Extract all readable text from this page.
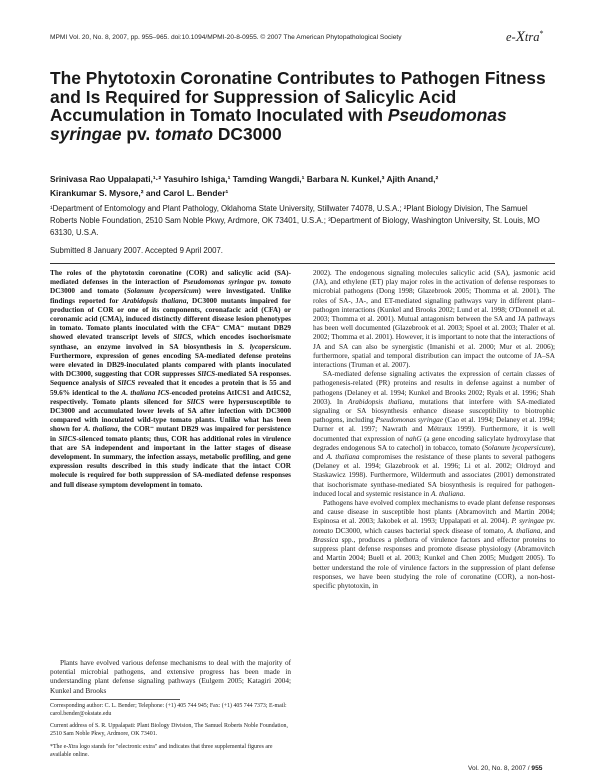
MPMI Vol. 20, No. 8, 2007, pp. 955–965. doi:10.1094/MPMI-20-8-0955. © 2007 The American Phytopathological Society	e-Xtra*
The Phytotoxin Coronatine Contributes to Pathogen Fitness and Is Required for Suppression of Salicylic Acid Accumulation in Tomato Inoculated with Pseudomonas syringae pv. tomato DC3000
Srinivasa Rao Uppalapati,¹·² Yasuhiro Ishiga,¹ Tamding Wangdi,¹ Barbara N. Kunkel,³ Ajith Anand,²
Kirankumar S. Mysore,² and Carol L. Bender¹
¹Department of Entomology and Plant Pathology, Oklahoma State University, Stillwater 74078, U.S.A.; ²Plant Biology Division, The Samuel Roberts Noble Foundation, 2510 Sam Noble Pkwy, Ardmore, OK 73401, U.S.A.; ³Department of Biology, Washington University, St. Louis, MO 63130, U.S.A.
Submitted 8 January 2007. Accepted 9 April 2007.
The roles of the phytotoxin coronatine (COR) and salicylic acid (SA)-mediated defenses in the interaction of Pseudomonas syringae pv. tomato DC3000 and tomato (Solanum lycopersicum) were investigated. Unlike findings reported for Arabidopsis thaliana, DC3000 mutants impaired for production of COR or one of its components, coronafacic acid (CFA) or coronamic acid (CMA), induced distinctly different disease lesion phenotypes in tomato. Tomato plants inoculated with the CFA⁻ CMA⁻ mutant DB29 showed elevated transcript levels of SlICS, which encodes isochorismate synthase, an enzyme involved in SA biosynthesis in S. lycopersicum. Furthermore, expression of genes encoding SA-mediated defense proteins were elevated in DB29-inoculated plants compared with plants inoculated with DC3000, suggesting that COR suppresses SlICS-mediated SA responses. Sequence analysis of SlICS revealed that it encodes a protein that is 55 and 59.6% identical to the A. thaliana ICS-encoded proteins AtICS1 and AtICS2, respectively. Tomato plants silenced for SlICS were hypersusceptible to DC3000 and accumulated lower levels of SA after infection with DC3000 compared with inoculated wild-type tomato plants. Unlike what has been shown for A. thaliana, the COR⁻ mutant DB29 was impaired for persistence in SlICS-silenced tomato plants; thus, COR has additional roles in virulence that are SA independent and important in the latter stages of disease development. In summary, the infection assays, metabolic profiling, and gene expression results described in this study indicate that the intact COR molecule is required for both suppression of SA-mediated defense responses and full disease symptom development in tomato.
Plants have evolved various defense mechanisms to deal with the majority of potential microbial pathogens, and extensive progress has been made in understanding plant defense signaling pathways (Eulgem 2005; Katagiri 2004; Kunkel and Brooks
Corresponding author: C. L. Bender; Telephone: (+1) 405 744 945; Fax: (+1) 405 744 7373; E-mail: carol.bender@okstate.edu
Current address of S. R. Uppalapati: Plant Biology Division, The Samuel Roberts Noble Foundation, 2510 Sam Noble Pkwy, Ardmore, OK 73401.
*The e-Xtra logo stands for "electronic extra" and indicates that three supplemental figures are available online.

2002). The endogenous signaling molecules salicylic acid (SA), jasmonic acid (JA), and ethylene (ET) play major roles in the activation of defense responses to microbial pathogens (Dong 1998; Glazebrook 2005; Thomma et al. 2001). The roles of SA-, JA-, and ET-mediated signaling pathways vary in different plant–pathogen interactions (Kunkel and Brooks 2002; Lund et al. 1998; O'Donnell et al. 2003; Thomma et al. 2001). Mutual antagonism between the SA and JA pathways has been well documented (Glazebrook et al. 2003; Spoel et al. 2003; Thaler et al. 2002; Thomma et al. 2001). However, it is important to note that the interactions of JA and SA can also be synergistic (Imanishi et al. 2000; Mur et al. 2006); furthermore, spatial and temporal distribution can impact the outcome of JA–SA interactions (Truman et al. 2007).

SA-mediated defense signaling activates the expression of certain classes of pathogenesis-related (PR) proteins and results in defense against a number of pathogens (Delaney et al. 1994; Kunkel and Brooks 2002; Ryals et al. 1996; Shah 2003). In Arabidopsis thaliana, mutations that interfere with SA-mediated signaling or SA biosynthesis enhance disease susceptibility to biotrophic pathogens, including Pseudomonas syringae (Cao et al. 1994; Delaney et al. 1994; Durner et al. 1997; Nawrath and Métraux 1999). Furthermore, it is well documented that expression of nahG (a gene encoding salicylate hydroxylase that degrades endogenous SA to catechol) in tobacco, tomato (Solanum lycopersicum), and A. thaliana compromises the resistance of these plants to several pathogens (Delaney et al. 1994; Glazebrook et al. 1996; Li et al. 2002; Oldroyd and Staskawicz 1998). Furthermore, Wildermuth and associates (2001) demonstrated that isochorismate synthase-mediated SA biosynthesis is required for pathogen-induced local and systemic resistance in A. thaliana.

Pathogens have evolved complex mechanisms to evade plant defense responses and cause disease in susceptible host plants (Abramovitch and Martin 2004; Espinosa et al. 2003; Jakobek et al. 1993; Uppalapati et al. 2004). P. syringae pv. tomato DC3000, which causes bacterial speck disease of tomato, A. thaliana, and Brassica spp., produces a plethora of virulence factors and effector proteins to suppress plant defense responses and promote disease physiology (Abramovitch and Martin 2004; Buell et al. 2003; Kunkel and Chen 2005; Mudgett 2005). To better understand the role of virulence factors in the suppression of plant defense responses, we have been studying the role of coronatine (COR), a non-host-specific phytotoxin, in

Vol. 20, No. 8, 2007 / 955
